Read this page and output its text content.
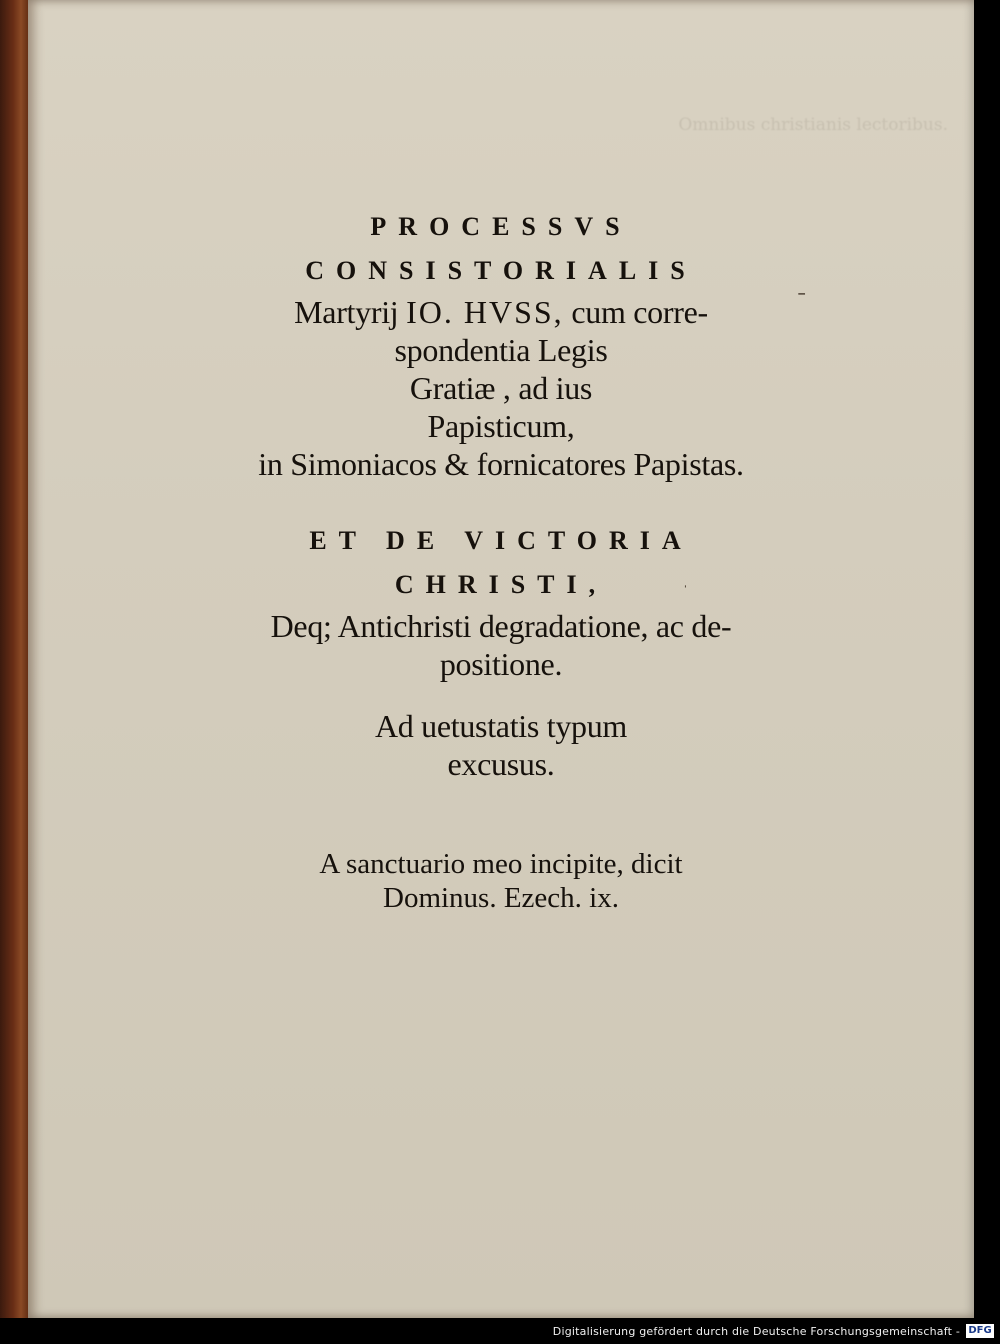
Omnibus christianis lectoribus.
˗
ˈ
PROCESSVS
CONSISTORIALIS
Martyrij IO. HVSS, cum corre-
spondentia Legis
Gratiæ , ad ius
Papisticum,
in Simoniacos & fornicatores Papistas.
ET DE VICTORIA
CHRISTI,
Deq; Antichristi degradatione, ac de-
positione.
Ad uetustatis typum
excusus.
A sanctuario meo incipite, dicit
Dominus. Ezech. ix.
Digitalisierung gefördert durch die Deutsche Forschungsgemeinschaft - DFG
